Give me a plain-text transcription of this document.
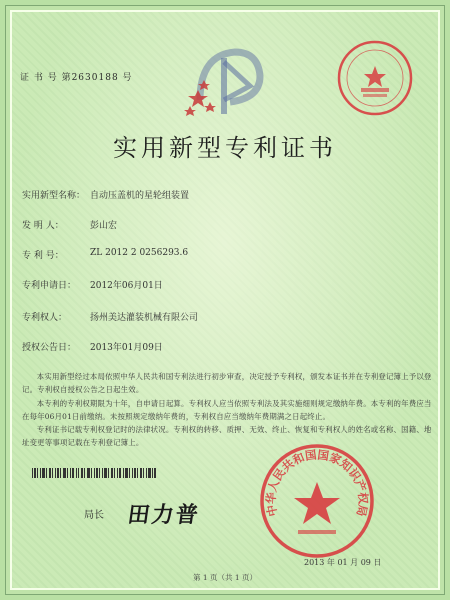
中华人民共和国国家知识产权局
证 书 号 第2630188 号
实用新型专利证书
实用新型名称： 自动压盖机的星轮组装置
发 明 人：	彭山宏
专 利 号：	ZL 2012 2 0256293.6
专利申请日： 2012年06月01日
专利权人：	扬州美达灌装机械有限公司
授权公告日： 2013年01月09日
本实用新型经过本局依照中华人民共和国专利法进行初步审查，决定授予专利权，颁发本证书并在专利登记簿上予以登记。专利权自授权公告之日起生效。
本专利的专利权期限为十年，自申请日起算。专利权人应当依照专利法及其实施细则规定缴纳年费。本专利的年费应当在每年06月01日前缴纳。未按照规定缴纳年费的，专利权自应当缴纳年费期满之日起终止。
专利证书记载专利权登记时的法律状况。专利权的转移、质押、无效、终止、恢复和专利权人的姓名或名称、国籍、地址变更等事项记载在专利登记簿上。
局长 田力普
2013 年 01 月 09 日
第 1 页（共 1 页）
